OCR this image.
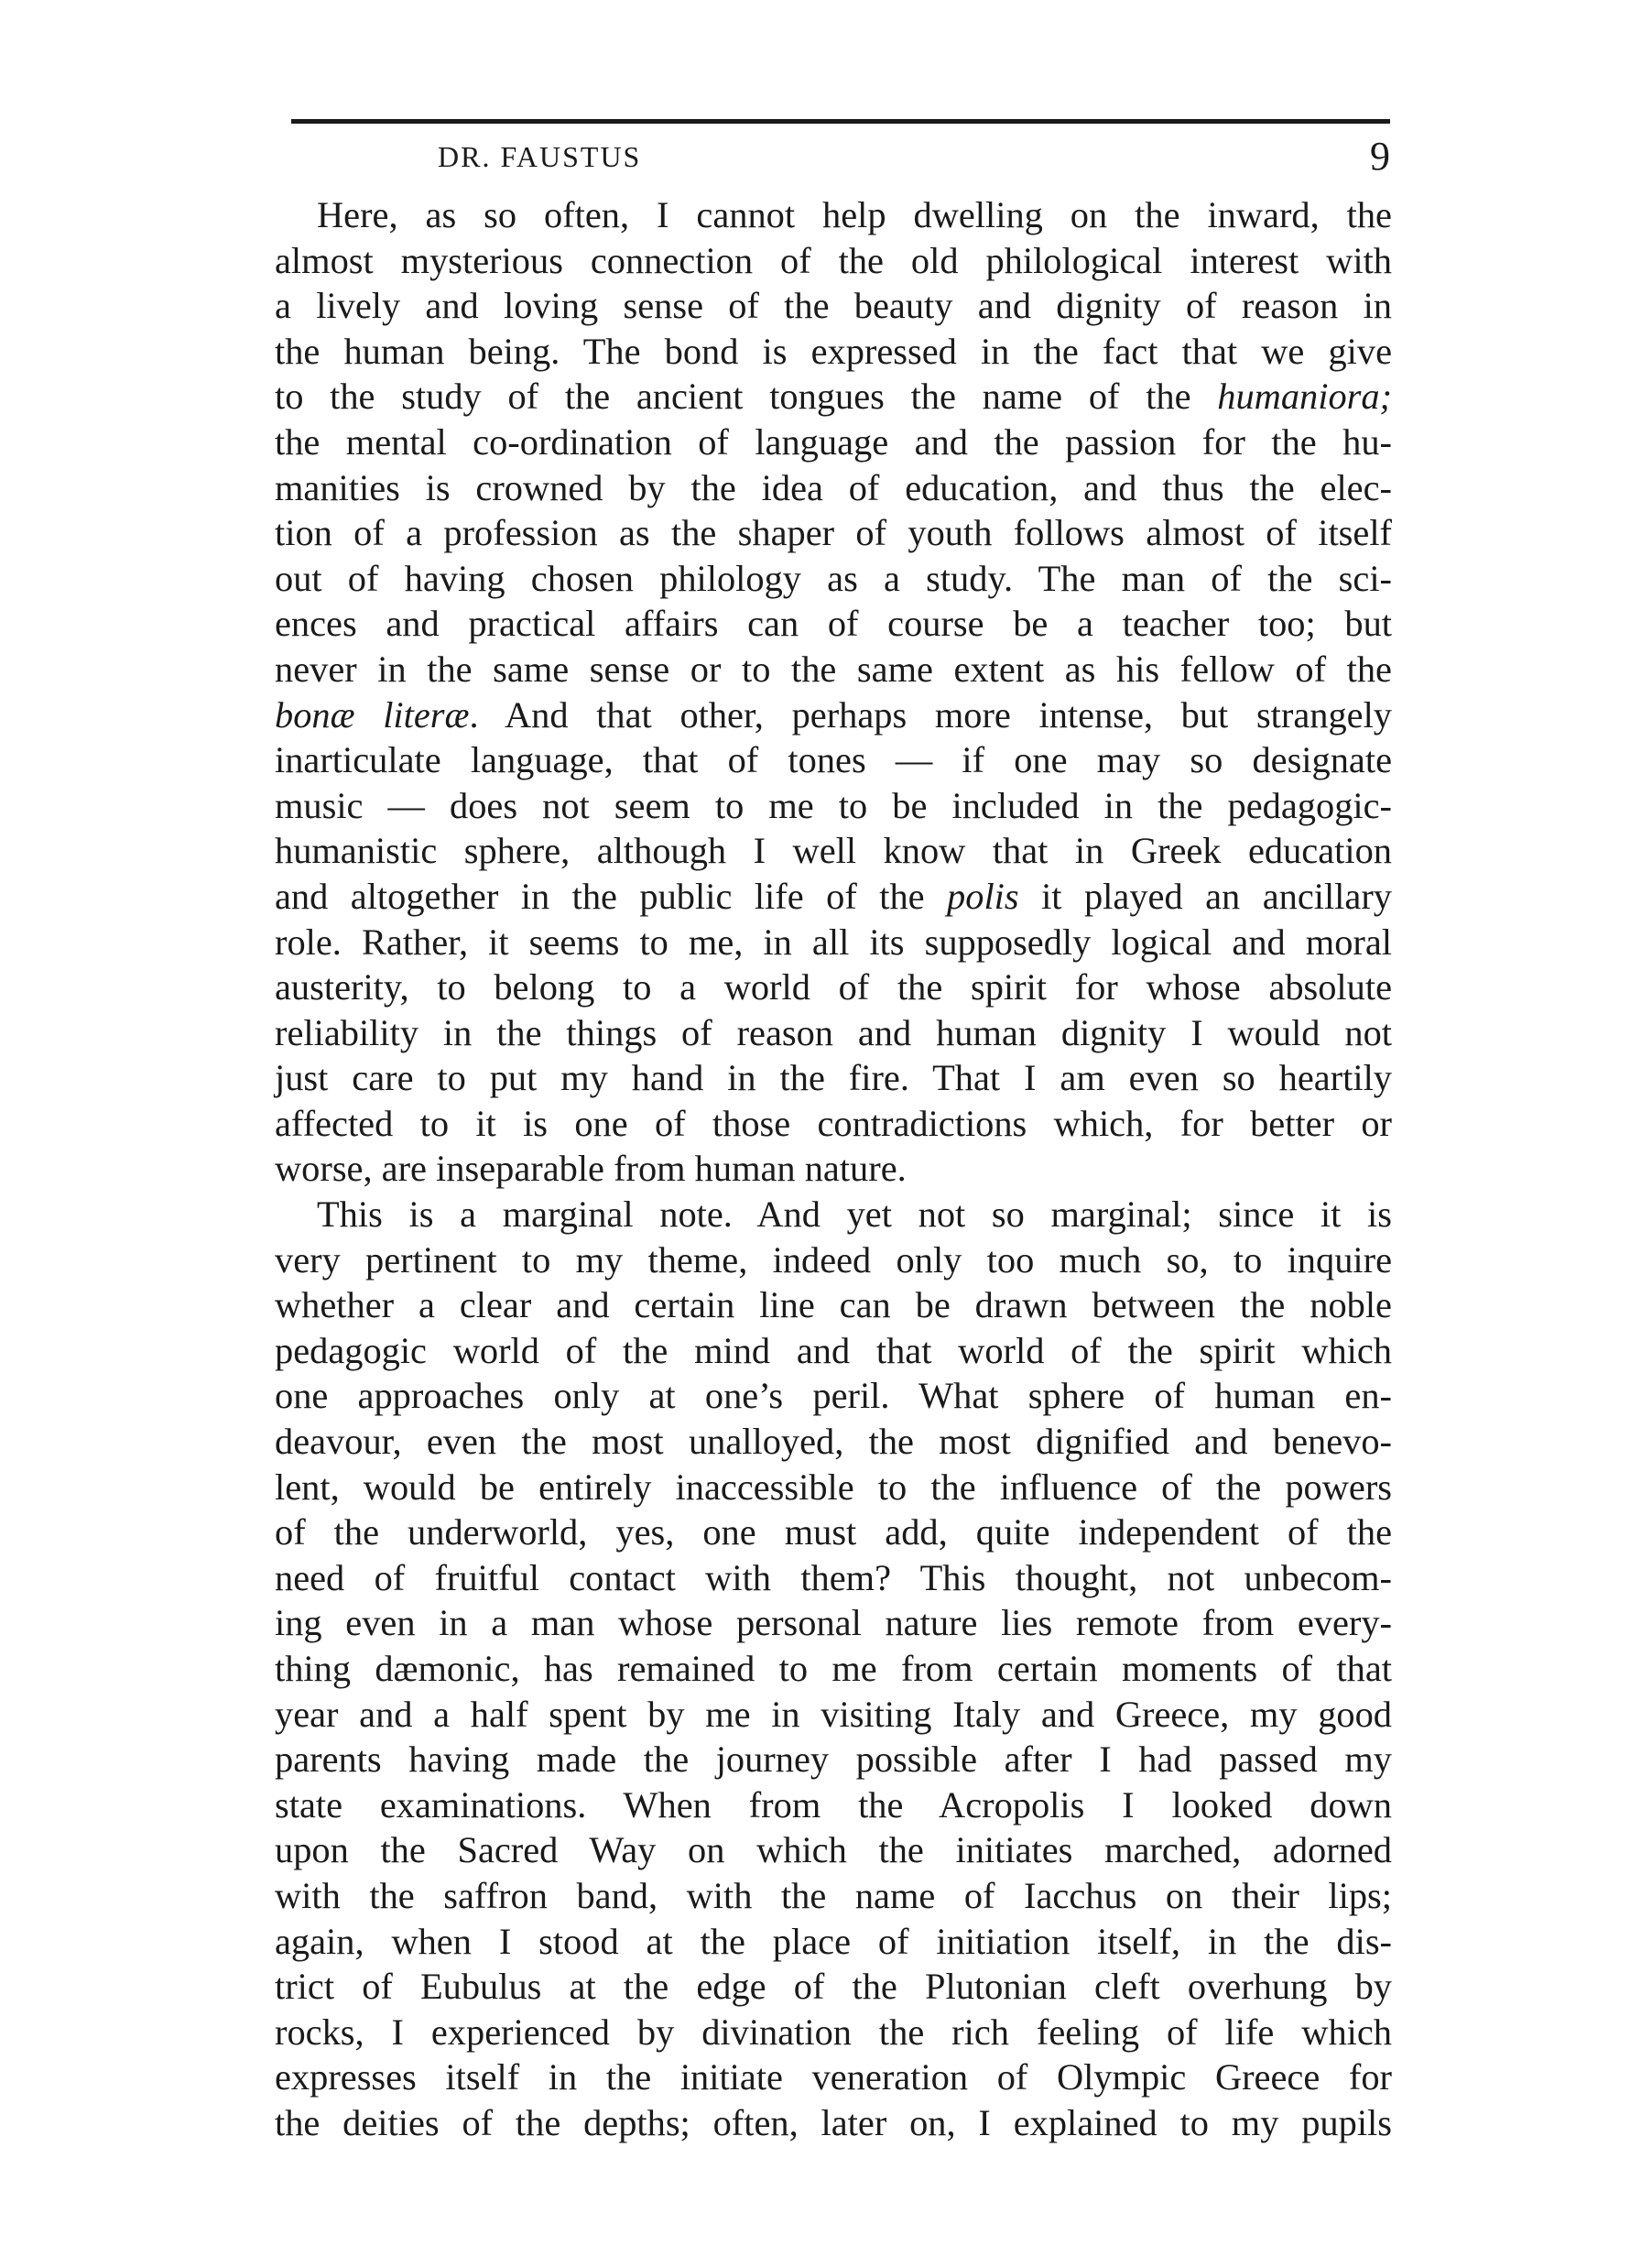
DR. FAUSTUS	9
Here, as so often, I cannot help dwelling on the inward, the
almost mysterious connection of the old philological interest with
a lively and loving sense of the beauty and dignity of reason in
the human being. The bond is expressed in the fact that we give
to the study of the ancient tongues the name of the humaniora;
the mental co-ordination of language and the passion for the hu-
manities is crowned by the idea of education, and thus the elec-
tion of a profession as the shaper of youth follows almost of itself
out of having chosen philology as a study. The man of the sci-
ences and practical affairs can of course be a teacher too; but
never in the same sense or to the same extent as his fellow of the
bonæ literæ. And that other, perhaps more intense, but strangely
inarticulate language, that of tones — if one may so designate
music — does not seem to me to be included in the pedagogic-
humanistic sphere, although I well know that in Greek education
and altogether in the public life of the polis it played an ancillary
role. Rather, it seems to me, in all its supposedly logical and moral
austerity, to belong to a world of the spirit for whose absolute
reliability in the things of reason and human dignity I would not
just care to put my hand in the fire. That I am even so heartily
affected to it is one of those contradictions which, for better or
worse, are inseparable from human nature.
This is a marginal note. And yet not so marginal; since it is
very pertinent to my theme, indeed only too much so, to inquire
whether a clear and certain line can be drawn between the noble
pedagogic world of the mind and that world of the spirit which
one approaches only at one’s peril. What sphere of human en-
deavour, even the most unalloyed, the most dignified and benevo-
lent, would be entirely inaccessible to the influence of the powers
of the underworld, yes, one must add, quite independent of the
need of fruitful contact with them? This thought, not unbecom-
ing even in a man whose personal nature lies remote from every-
thing dæmonic, has remained to me from certain moments of that
year and a half spent by me in visiting Italy and Greece, my good
parents having made the journey possible after I had passed my
state examinations. When from the Acropolis I looked down
upon the Sacred Way on which the initiates marched, adorned
with the saffron band, with the name of Iacchus on their lips;
again, when I stood at the place of initiation itself, in the dis-
trict of Eubulus at the edge of the Plutonian cleft overhung by
rocks, I experienced by divination the rich feeling of life which
expresses itself in the initiate veneration of Olympic Greece for
the deities of the depths; often, later on, I explained to my pupils
